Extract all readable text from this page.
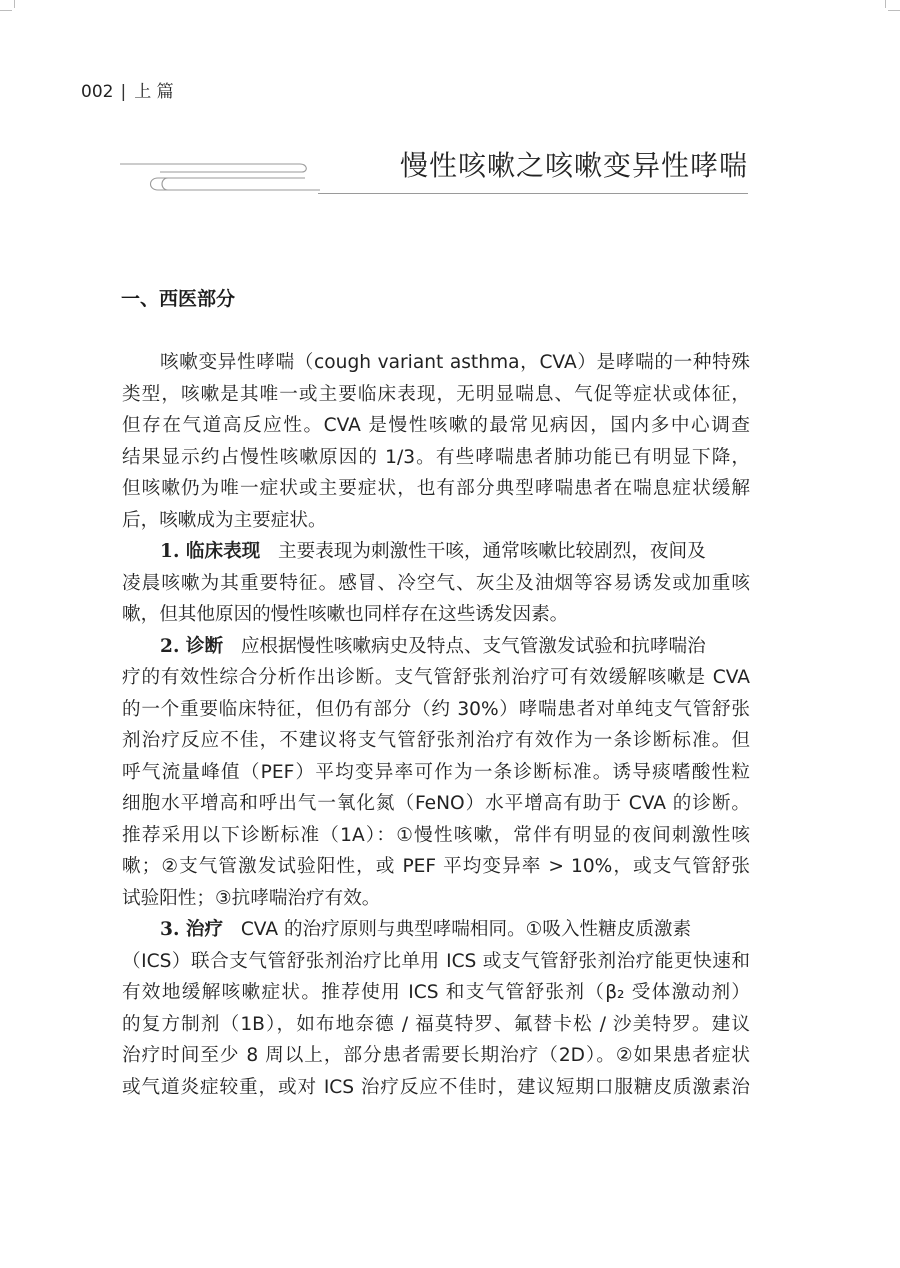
002 | 上 篇
慢性咳嗽之咳嗽变异性哮喘
一、西医部分
咳嗽变异性哮喘（cough variant asthma，CVA）是哮喘的一种特殊
类型，咳嗽是其唯一或主要临床表现，无明显喘息、气促等症状或体征，
但存在气道高反应性。CVA 是慢性咳嗽的最常见病因，国内多中心调查
结果显示约占慢性咳嗽原因的 1/3。有些哮喘患者肺功能已有明显下降，
但咳嗽仍为唯一症状或主要症状，也有部分典型哮喘患者在喘息症状缓解
后，咳嗽成为主要症状。
1. 临床表现 主要表现为刺激性干咳，通常咳嗽比较剧烈，夜间及
凌晨咳嗽为其重要特征。感冒、冷空气、灰尘及油烟等容易诱发或加重咳
嗽，但其他原因的慢性咳嗽也同样存在这些诱发因素。
2. 诊断 应根据慢性咳嗽病史及特点、支气管激发试验和抗哮喘治
疗的有效性综合分析作出诊断。支气管舒张剂治疗可有效缓解咳嗽是 CVA
的一个重要临床特征，但仍有部分（约 30%）哮喘患者对单纯支气管舒张
剂治疗反应不佳，不建议将支气管舒张剂治疗有效作为一条诊断标准。但
呼气流量峰值（PEF）平均变异率可作为一条诊断标准。诱导痰嗜酸性粒
细胞水平增高和呼出气一氧化氮（FeNO）水平增高有助于 CVA 的诊断。
推荐采用以下诊断标准（1A）：①慢性咳嗽，常伴有明显的夜间刺激性咳
嗽；②支气管激发试验阳性，或 PEF 平均变异率 > 10%，或支气管舒张
试验阳性；③抗哮喘治疗有效。
3. 治疗 CVA 的治疗原则与典型哮喘相同。①吸入性糖皮质激素
（ICS）联合支气管舒张剂治疗比单用 ICS 或支气管舒张剂治疗能更快速和
有效地缓解咳嗽症状。推荐使用 ICS 和支气管舒张剂（β₂ 受体激动剂）
的复方制剂（1B），如布地奈德 / 福莫特罗、氟替卡松 / 沙美特罗。建议
治疗时间至少 8 周以上，部分患者需要长期治疗（2D）。②如果患者症状
或气道炎症较重，或对 ICS 治疗反应不佳时，建议短期口服糖皮质激素治
